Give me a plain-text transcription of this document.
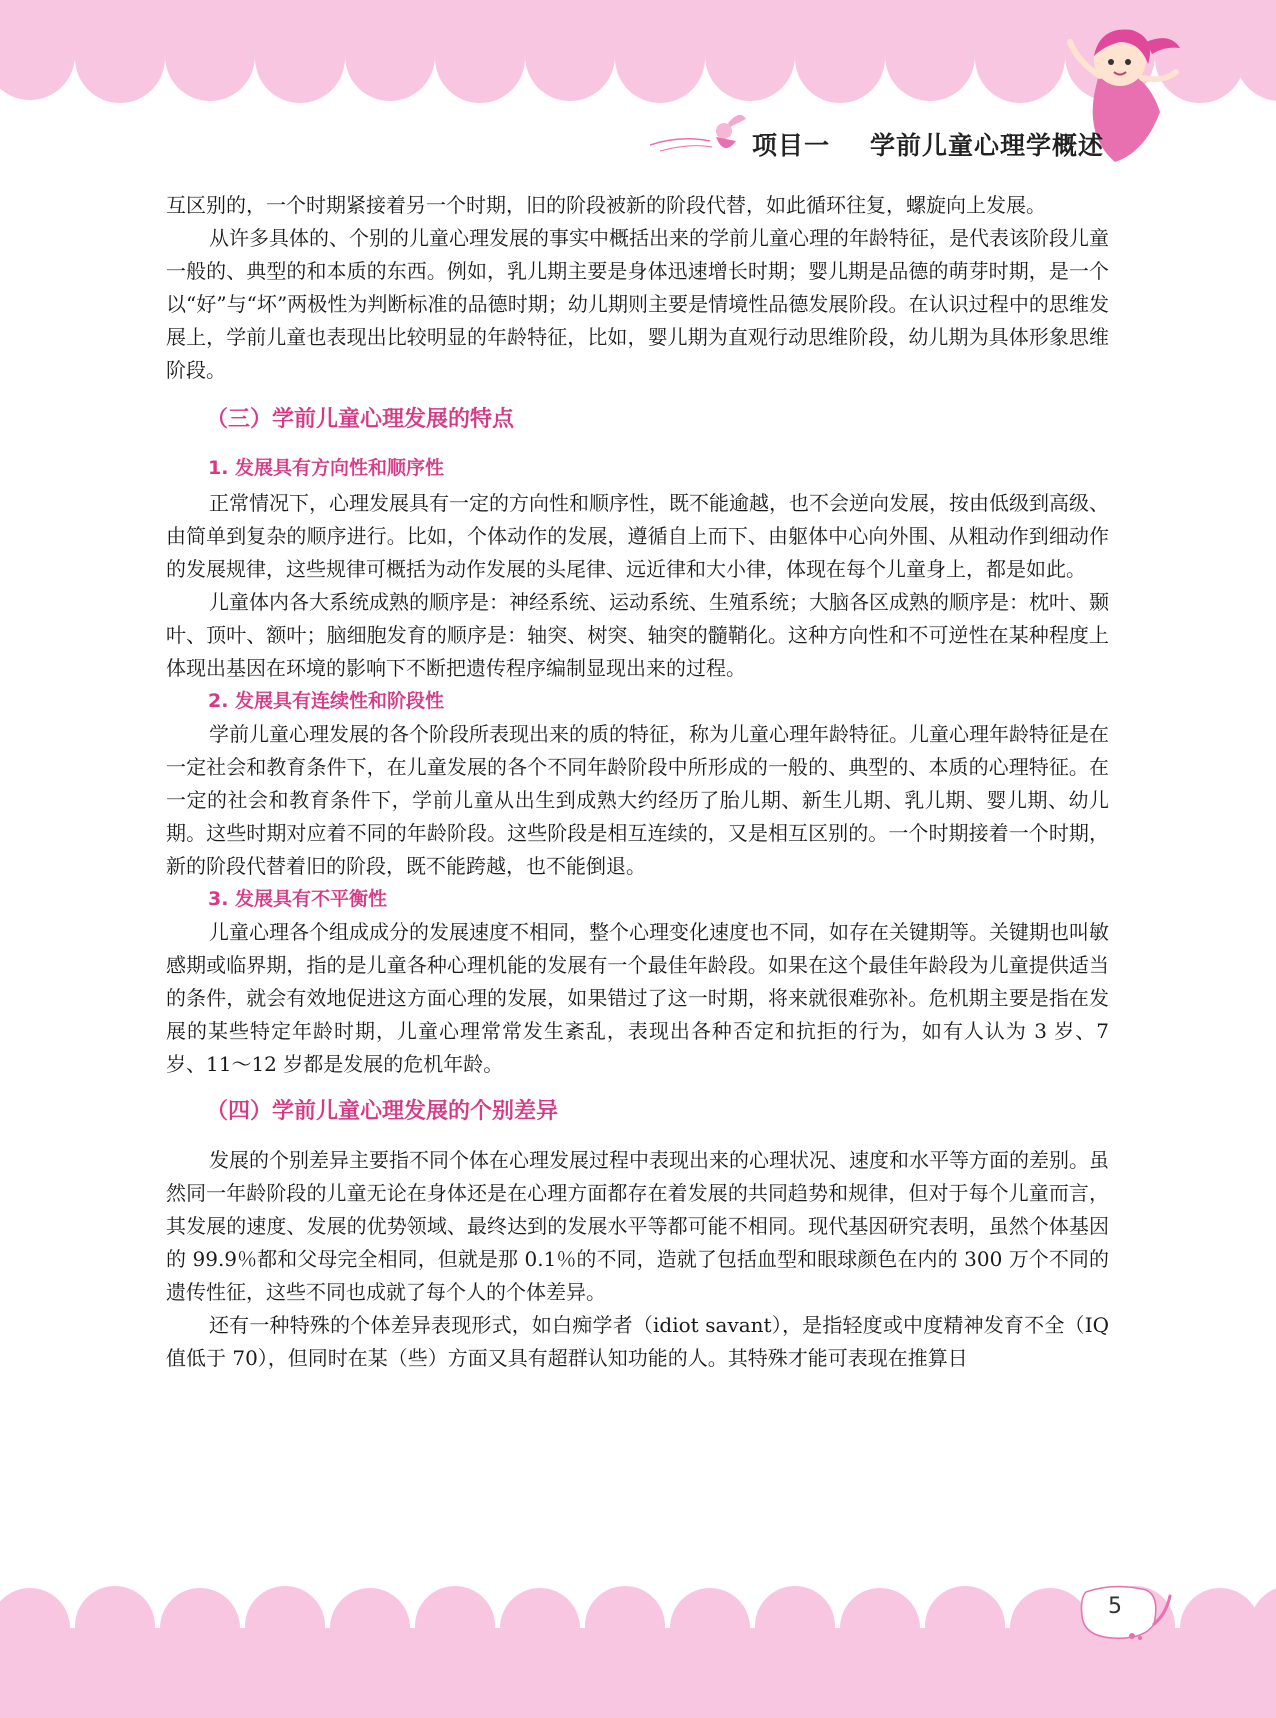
项目一 学前儿童心理学概述

互区别的，一个时期紧接着另一个时期，旧的阶段被新的阶段代替，如此循环往复，螺旋向上发展。

从许多具体的、个别的儿童心理发展的事实中概括出来的学前儿童心理的年龄特征，是代表该阶段儿童一般的、典型的和本质的东西。例如，乳儿期主要是身体迅速增长时期；婴儿期是品德的萌芽时期，是一个以“好”与“坏”两极性为判断标准的品德时期；幼儿期则主要是情境性品德发展阶段。在认识过程中的思维发展上，学前儿童也表现出比较明显的年龄特征，比如，婴儿期为直观行动思维阶段，幼儿期为具体形象思维阶段。

（三）学前儿童心理发展的特点
1. 发展具有方向性和顺序性

正常情况下，心理发展具有一定的方向性和顺序性，既不能逾越，也不会逆向发展，按由低级到高级、由简单到复杂的顺序进行。比如，个体动作的发展，遵循自上而下、由躯体中心向外围、从粗动作到细动作的发展规律，这些规律可概括为动作发展的头尾律、远近律和大小律，体现在每个儿童身上，都是如此。

儿童体内各大系统成熟的顺序是：神经系统、运动系统、生殖系统；大脑各区成熟的顺序是：枕叶、颞叶、顶叶、额叶；脑细胞发育的顺序是：轴突、树突、轴突的髓鞘化。这种方向性和不可逆性在某种程度上体现出基因在环境的影响下不断把遗传程序编制显现出来的过程。

2. 发展具有连续性和阶段性

学前儿童心理发展的各个阶段所表现出来的质的特征，称为儿童心理年龄特征。儿童心理年龄特征是在一定社会和教育条件下，在儿童发展的各个不同年龄阶段中所形成的一般的、典型的、本质的心理特征。在一定的社会和教育条件下，学前儿童从出生到成熟大约经历了胎儿期、新生儿期、乳儿期、婴儿期、幼儿期。这些时期对应着不同的年龄阶段。这些阶段是相互连续的，又是相互区别的。一个时期接着一个时期，新的阶段代替着旧的阶段，既不能跨越，也不能倒退。

3. 发展具有不平衡性

儿童心理各个组成成分的发展速度不相同，整个心理变化速度也不同，如存在关键期等。关键期也叫敏感期或临界期，指的是儿童各种心理机能的发展有一个最佳年龄段。如果在这个最佳年龄段为儿童提供适当的条件，就会有效地促进这方面心理的发展，如果错过了这一时期，将来就很难弥补。危机期主要是指在发展的某些特定年龄时期，儿童心理常常发生紊乱，表现出各种否定和抗拒的行为，如有人认为 3 岁、7 岁、11～12 岁都是发展的危机年龄。

（四）学前儿童心理发展的个别差异

发展的个别差异主要指不同个体在心理发展过程中表现出来的心理状况、速度和水平等方面的差别。虽然同一年龄阶段的儿童无论在身体还是在心理方面都存在着发展的共同趋势和规律，但对于每个儿童而言，其发展的速度、发展的优势领域、最终达到的发展水平等都可能不相同。现代基因研究表明，虽然个体基因的 99.9％都和父母完全相同，但就是那 0.1％的不同，造就了包括血型和眼球颜色在内的 300 万个不同的遗传性征，这些不同也成就了每个人的个体差异。

还有一种特殊的个体差异表现形式，如白痴学者（idiot savant），是指轻度或中度精神发育不全（IQ 值低于 70），但同时在某（些）方面又具有超群认知功能的人。其特殊才能可表现在推算日

5
